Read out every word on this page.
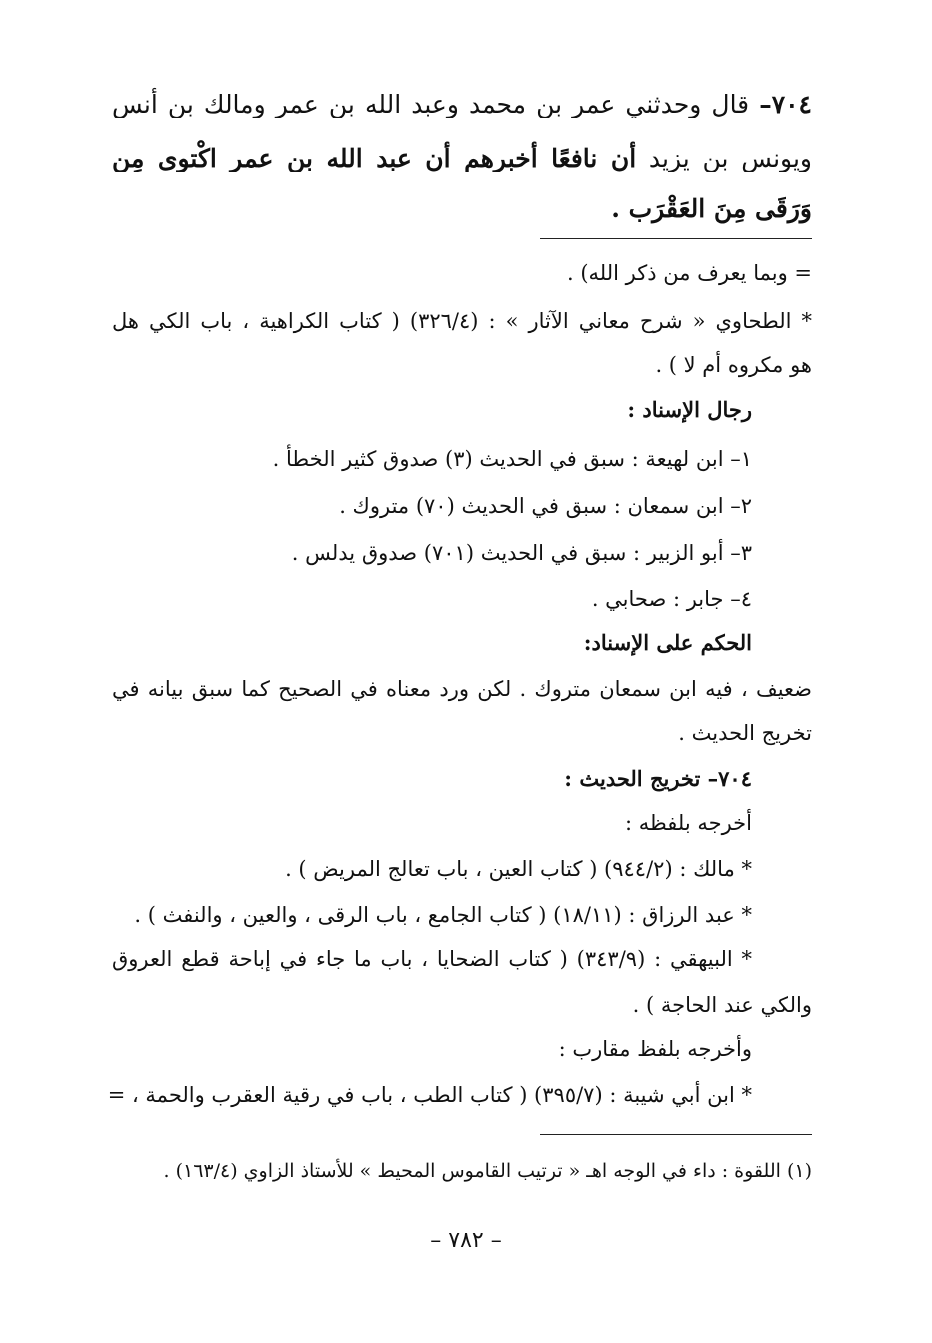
٧٠٤– قال وحدثني عمر بن محمد وعبد الله بن عمر ومالك بن أنس
ويونس بن يزيد أن نافعًا أخبرهم أن عبد الله بن عمر اكْتوى مِن
وَرَقَى مِنَ العَقْرَب .
= وبما يعرف من ذكر الله) .
* الطحاوي « شرح معاني الآثار » : (٣٢٦/٤) ( كتاب الكراهية ، باب الكي هل
هو مكروه أم لا ) .
رجال الإسناد :
١– ابن لهيعة : سبق في الحديث (٣) صدوق كثير الخطأ .
٢– ابن سمعان : سبق في الحديث (٧٠) متروك .
٣– أبو الزبير : سبق في الحديث (٧٠١) صدوق يدلس .
٤– جابر : صحابي .
الحكم على الإسناد:
ضعيف ، فيه ابن سمعان متروك . لكن ورد معناه في الصحيح كما سبق بيانه في
تخريج الحديث .
٧٠٤– تخريج الحديث :
أخرجه بلفظه :
* مالك : (٩٤٤/٢) ( كتاب العين ، باب تعالج المريض ) .
* عبد الرزاق : (١٨/١١) ( كتاب الجامع ، باب الرقى ، والعين ، والنفث ) .
* البيهقي : (٣٤٣/٩) ( كتاب الضحايا ، باب ما جاء في إباحة قطع العروق
والكي عند الحاجة ) .
وأخرجه بلفظ مقارب :
* ابن أبي شيبة : (٣٩٥/٧) ( كتاب الطب ، باب في رقية العقرب والحمة ، =
(١) اللقوة : داء في الوجه اهـ « ترتيب القاموس المحيط » للأستاذ الزاوي (١٦٣/٤) .
– ٧٨٢ –
